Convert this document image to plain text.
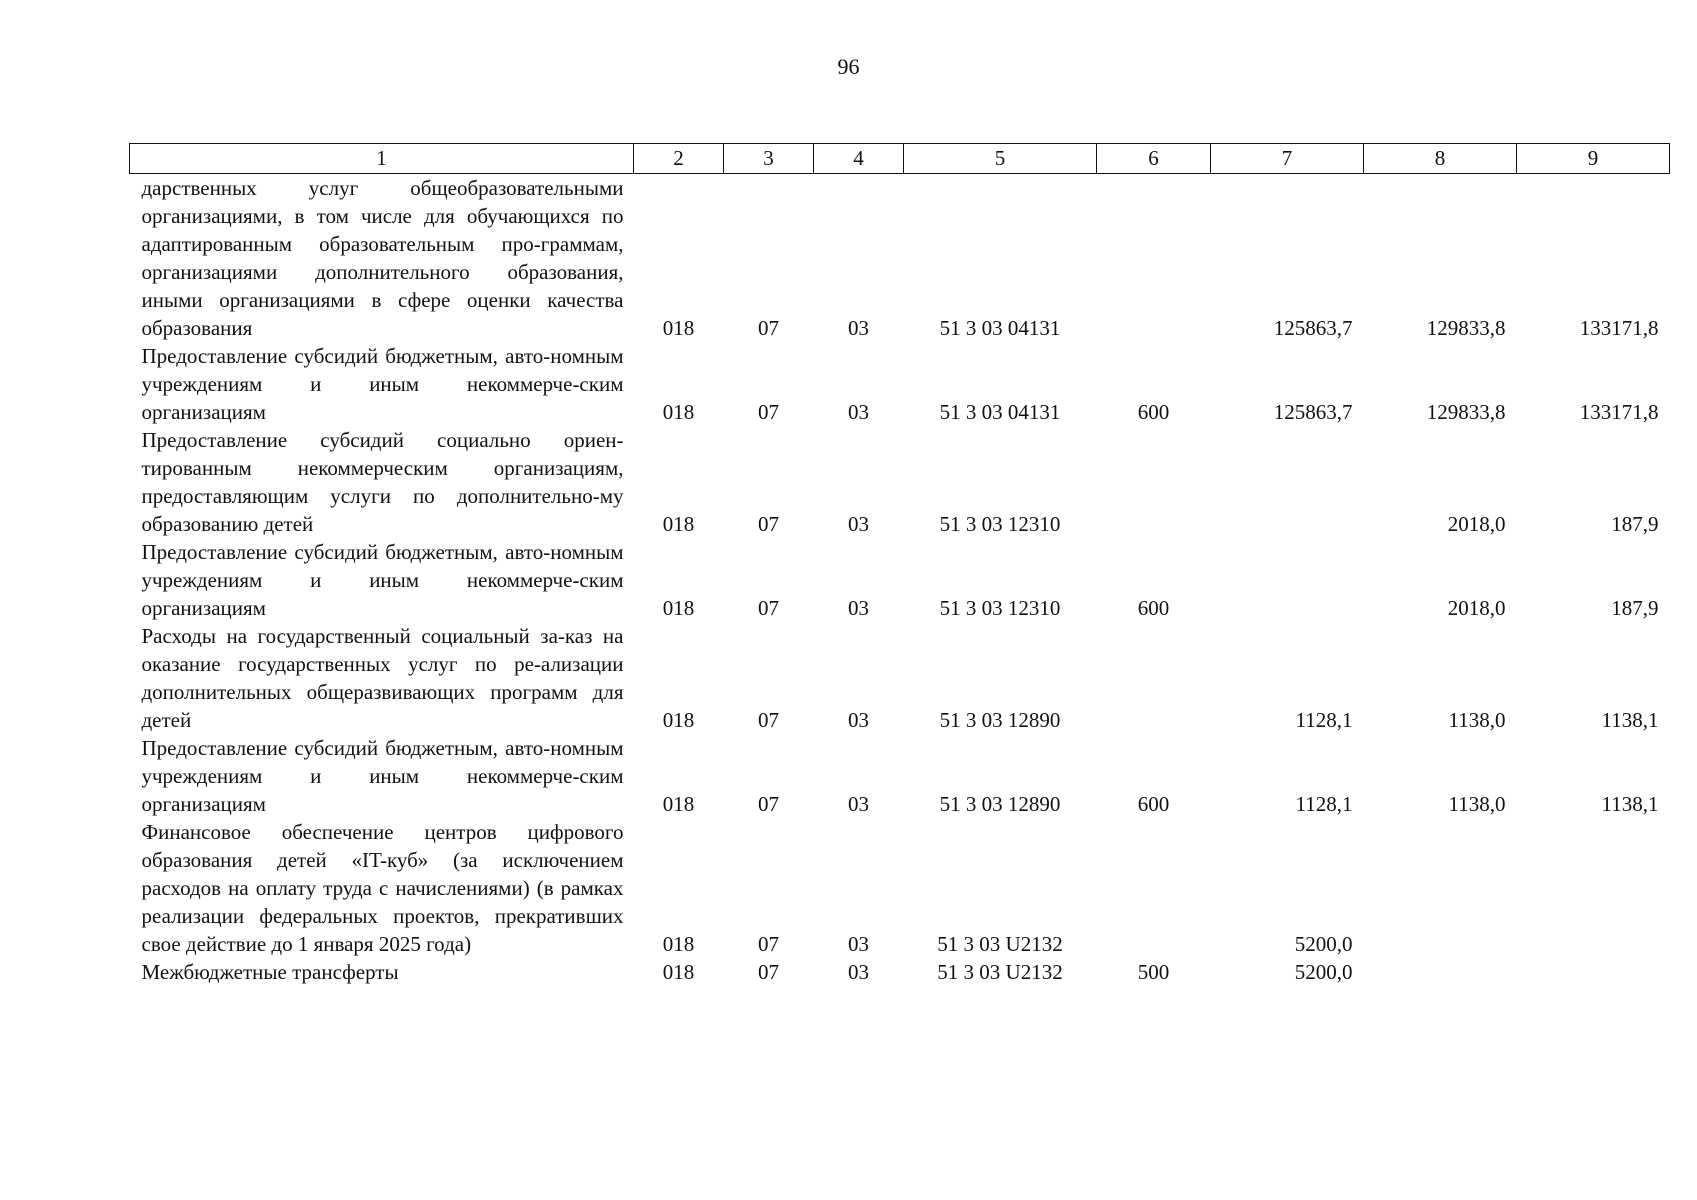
96
1	2	3	4	5	6	7	8	9
дарственных услуг общеобразовательными организациями, в том числе для обучающихся по адаптированным образовательным про-граммам, организациями дополнительного образования, иными организациями в сфере оценки качества образования	018	07	03	51 3 03 04131		125863,7	129833,8	133171,8
Предоставление субсидий бюджетным, авто-номным учреждениям и иным некоммерче-ским организациям	018	07	03	51 3 03 04131	600	125863,7	129833,8	133171,8
Предоставление субсидий социально ориен-тированным некоммерческим организациям, предоставляющим услуги по дополнительно-му образованию детей	018	07	03	51 3 03 12310			2018,0	187,9
Предоставление субсидий бюджетным, авто-номным учреждениям и иным некоммерче-ским организациям	018	07	03	51 3 03 12310	600		2018,0	187,9
Расходы на государственный социальный за-каз на оказание государственных услуг по ре-ализации дополнительных общеразвивающих программ для детей	018	07	03	51 3 03 12890		1128,1	1138,0	1138,1
Предоставление субсидий бюджетным, авто-номным учреждениям и иным некоммерче-ским организациям	018	07	03	51 3 03 12890	600	1128,1	1138,0	1138,1
Финансовое обеспечение центров цифрового образования детей «IT-куб» (за исключением расходов на оплату труда с начислениями) (в рамках реализации федеральных проектов, прекративших свое действие до 1 января 2025 года)	018	07	03	51 3 03 U2132		5200,0		
Межбюджетные трансферты	018	07	03	51 3 03 U2132	500	5200,0		
